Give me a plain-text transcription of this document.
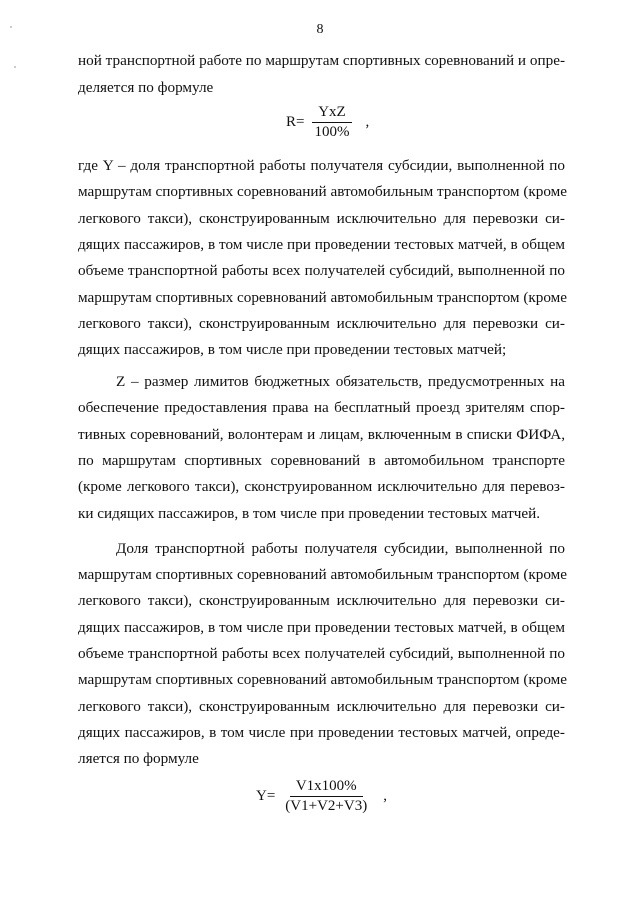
8
ной транспортной работе по маршрутам спортивных соревнований и опре-
деляется по формуле
$R= \frac{\text{YxZ}}{100\%}$ ,
где Y – доля транспортной работы получателя субсидии, выполненной по
маршрутам спортивных соревнований автомобильным транспортом (кроме
легкового такси), сконструированным исключительно для перевозки си-
дящих пассажиров, в том числе при проведении тестовых матчей, в общем
объеме транспортной работы всех получателей субсидий, выполненной по
маршрутам спортивных соревнований автомобильным транспортом (кроме
легкового такси), сконструированным исключительно для перевозки си-
дящих пассажиров, в том числе при проведении тестовых матчей;
Z – размер лимитов бюджетных обязательств, предусмотренных на
обеспечение предоставления права на бесплатный проезд зрителям спор-
тивных соревнований, волонтерам и лицам, включенным в списки ФИФА,
по маршрутам спортивных соревнований в автомобильном транспорте
(кроме легкового такси), сконструированном исключительно для перевоз-
ки сидящих пассажиров, в том числе при проведении тестовых матчей.
Доля транспортной работы получателя субсидии, выполненной по
маршрутам спортивных соревнований автомобильным транспортом (кроме
легкового такси), сконструированным исключительно для перевозки си-
дящих пассажиров, в том числе при проведении тестовых матчей, в общем
объеме транспортной работы всех получателей субсидий, выполненной по
маршрутам спортивных соревнований автомобильным транспортом (кроме
легкового такси), сконструированным исключительно для перевозки си-
дящих пассажиров, в том числе при проведении тестовых матчей, опреде-
ляется по формуле
$Y= \frac{V1x100\%}{(V1+V2+V3)}$ ,
